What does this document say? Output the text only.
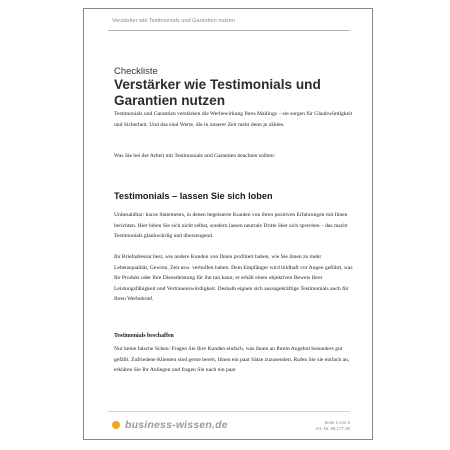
Verstärker wie Testimonials und Garantien nutzen
Checkliste
Verstärker wie Testimonials und Garantien nutzen

Testimonials und Garantien verstärken die Werbewirkung Ihres Mailings – sie sorgen für Glaubwürdigkeit und Sicherheit. Und das sind Werte, die in unserer Zeit mehr denn je zählen.

Was Sie bei der Arbeit mit Testimonials und Garantien beachten sollten:

Testimonials – lassen Sie sich loben

Unbezahlbar: kurze Statements, in denen begeisterte Kunden von ihren positiven Erfahrungen mit Ihnen berichten. Hier loben Sie sich nicht selbst, sondern lassen neutrale Dritte über sich sprechen – das macht Testimonials glaubwürdig und überzeugend.

Ihr Briefadressat liest, wie andere Kunden von Ihnen profitiert haben, wie Sie ihnen zu mehr Lebensqualität, Gewinn, Zeit usw. verholfen haben. Dem Empfänger wird bildhaft vor Augen geführt, was Ihr Produkt oder Ihre Dienstleistung für ihn tun kann; er erhält einen objektiven Beweis Ihrer Leistungsfähigkeit und Vertrauenswürdigkeit. Deshalb eignen sich aussagekräftige Testimonials auch für Ihren Werbebrief.

Testimonials beschaffen

Nur keine falsche Scheu: Fragen Sie Ihre Kunden einfach, was ihnen an Ihrem Angebot besonders gut gefällt. Zufriedene Klienten sind gerne bereit, Ihnen ein paar Sätze zuzusenden. Rufen Sie sie einfach an, erklären Sie Ihr Anliegen und fragen Sie nach ein paar

business-wissen.de	Seite 1 von 8
Art.-Nr. 99.177.08
